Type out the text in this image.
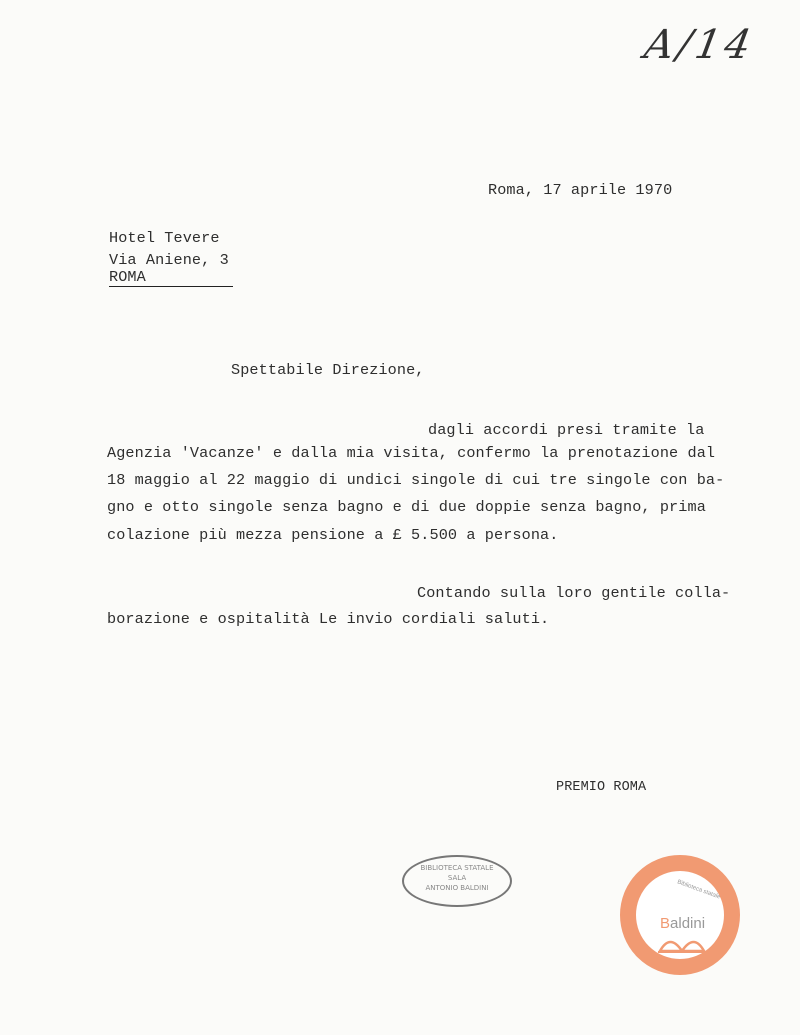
A/14
Roma, 17 aprile 1970
Hotel Tevere
Via Aniene, 3
ROMA
Spettabile Direzione,
dagli accordi presi tramite la
Agenzia 'Vacanze' e dalla mia visita, confermo la prenotazione dal
18 maggio al 22 maggio di undici singole di cui tre singole con ba-
gno e otto singole senza bagno e di due doppie senza bagno, prima
colazione più mezza pensione a £ 5.500 a persona.
Contando sulla loro gentile colla-
borazione e ospitalità Le invio cordiali saluti.
PREMIO ROMA
BIBLIOTECA STATALE
SALA
ANTONIO BALDINI	Biblioteca statale
Baldini
